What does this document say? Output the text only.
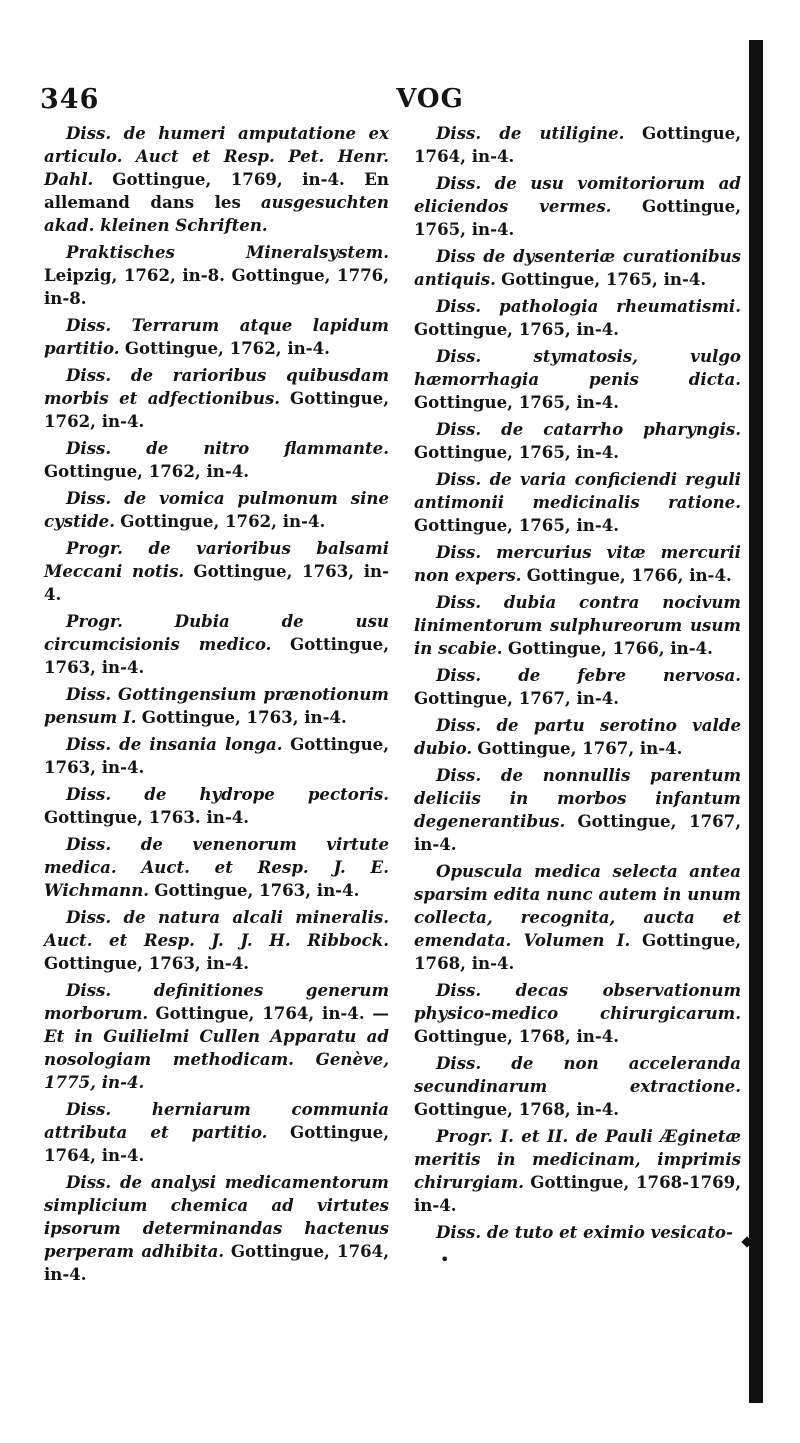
346	VOG

Diss. de humeri amputatione ex articulo. Auct et Resp. Pet. Henr. Dahl. Gottingue, 1769, in-4. En allemand dans les ausgesuchten akad. kleinen Schriften.

Praktisches Mineralsystem. Leipzig, 1762, in-8. Gottingue, 1776, in-8.

Diss. Terrarum atque lapidum partitio. Gottingue, 1762, in-4.

Diss. de rarioribus quibusdam morbis et adfectionibus. Gottingue, 1762, in-4.

Diss. de nitro flammante. Gottingue, 1762, in-4.

Diss. de vomica pulmonum sine cystide. Gottingue, 1762, in-4.

Progr. de varioribus balsami Meccani notis. Gottingue, 1763, in-4.

Progr. Dubia de usu circumcisionis medico. Gottingue, 1763, in-4.

Diss. Gottingensium prænotionum pensum I. Gottingue, 1763, in-4.

Diss. de insania longa. Gottingue, 1763, in-4.

Diss. de hydrope pectoris. Gottingue, 1763. in-4.

Diss. de venenorum virtute medica. Auct. et Resp. J. E. Wichmann. Gottingue, 1763, in-4.

Diss. de natura alcali mineralis. Auct. et Resp. J. J. H. Ribbock. Gottingue, 1763, in-4.

Diss. definitiones generum morborum. Gottingue, 1764, in-4. — Et in Guilielmi Cullen Apparatu ad nosologiam methodicam. Genève, 1775, in-4.

Diss. herniarum communia attributa et partitio. Gottingue, 1764, in-4.

Diss. de analysi medicamentorum simplicium chemica ad virtutes ipsorum determinandas hactenus perperam adhibita. Gottingue, 1764, in-4.

Diss. de utiligine. Gottingue, 1764, in-4.

Diss. de usu vomitoriorum ad eliciendos vermes. Gottingue, 1765, in-4.

Diss de dysenteriæ curationibus antiquis. Gottingue, 1765, in-4.

Diss. pathologia rheumatismi. Gottingue, 1765, in-4.

Diss. stymatosis, vulgo hæmorrhagia penis dicta. Gottingue, 1765, in-4.

Diss. de catarrho pharyngis. Gottingue, 1765, in-4.

Diss. de varia conficiendi reguli antimonii medicinalis ratione. Gottingue, 1765, in-4.

Diss. mercurius vitæ mercurii non expers. Gottingue, 1766, in-4.

Diss. dubia contra nocivum linimentorum sulphureorum usum in scabie. Gottingue, 1766, in-4.

Diss. de febre nervosa. Gottingue, 1767, in-4.

Diss. de partu serotino valde dubio. Gottingue, 1767, in-4.

Diss. de nonnullis parentum deliciis in morbos infantum degenerantibus. Gottingue, 1767, in-4.

Opuscula medica selecta antea sparsim edita nunc autem in unum collecta, recognita, aucta et emendata. Volumen I. Gottingue, 1768, in-4.

Diss. decas observationum physico-medico chirurgicarum. Gottingue, 1768, in-4.

Diss. de non acceleranda secundinarum extractione. Gottingue, 1768, in-4.

Progr. I. et II. de Pauli Æginetæ meritis in medicinam, imprimis chirurgiam. Gottingue, 1768-1769, in-4.

Diss. de tuto et eximio vesicato-

•
